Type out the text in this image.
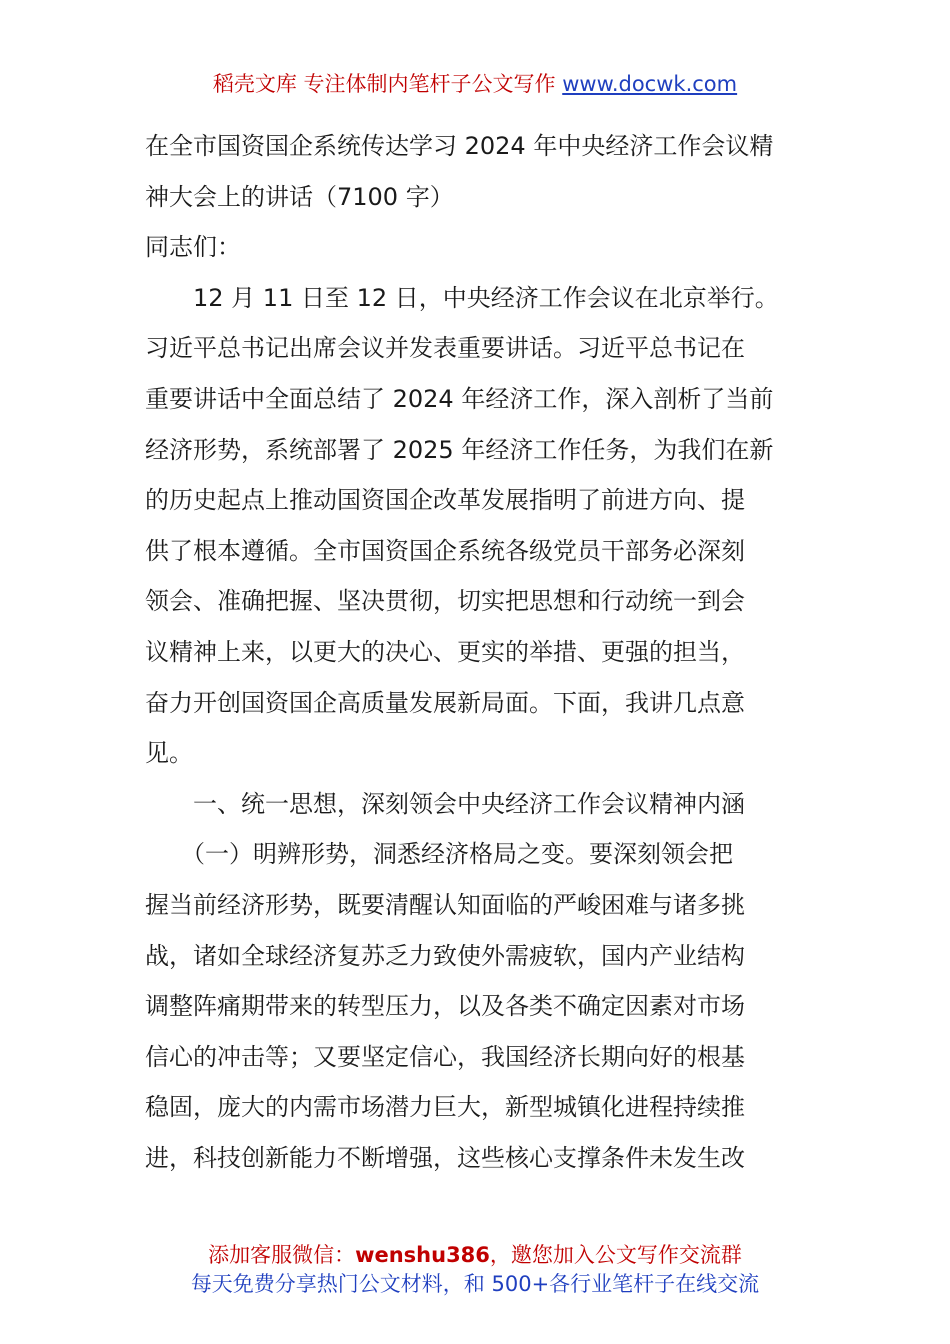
稻壳文库 专注体制内笔杆子公文写作 www.docwk.com
在全市国资国企系统传达学习 2024 年中央经济工作会议精
神大会上的讲话（7100 字）
同志们：
　　12 月 11 日至 12 日，中央经济工作会议在北京举行。
习近平总书记出席会议并发表重要讲话。习近平总书记在
重要讲话中全面总结了 2024 年经济工作，深入剖析了当前
经济形势，系统部署了 2025 年经济工作任务，为我们在新
的历史起点上推动国资国企改革发展指明了前进方向、提
供了根本遵循。全市国资国企系统各级党员干部务必深刻
领会、准确把握、坚决贯彻，切实把思想和行动统一到会
议精神上来，以更大的决心、更实的举措、更强的担当，
奋力开创国资国企高质量发展新局面。下面，我讲几点意
见。
　　一、统一思想，深刻领会中央经济工作会议精神内涵
　　（一）明辨形势，洞悉经济格局之变。要深刻领会把
握当前经济形势，既要清醒认知面临的严峻困难与诸多挑
战，诸如全球经济复苏乏力致使外需疲软，国内产业结构
调整阵痛期带来的转型压力，以及各类不确定因素对市场
信心的冲击等；又要坚定信心，我国经济长期向好的根基
稳固，庞大的内需市场潜力巨大，新型城镇化进程持续推
进，科技创新能力不断增强，这些核心支撑条件未发生改
添加客服微信：wenshu386，邀您加入公文写作交流群
每天免费分享热门公文材料，和 500+各行业笔杆子在线交流
